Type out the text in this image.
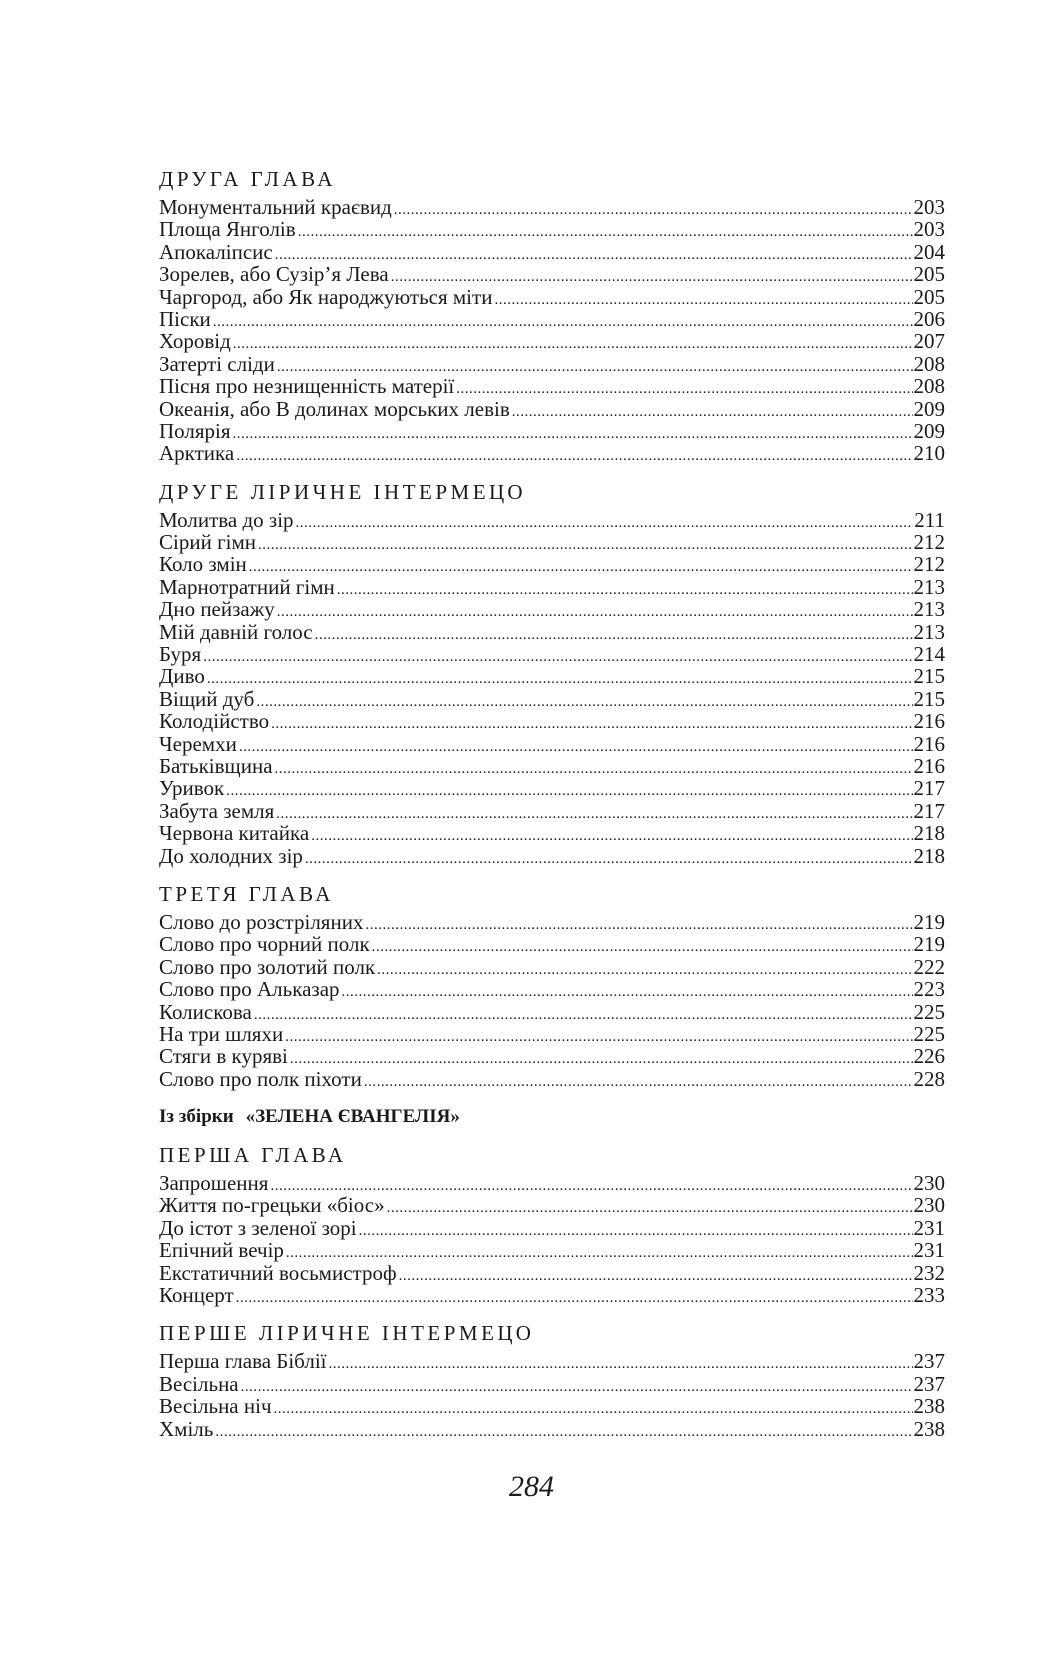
ДРУГА ГЛАВА
Монументальний краєвид .....	203
Площа Янголів .....	203
Апокаліпсис .....	204
Зорелев, або Сузір’я Лева .....	205
Чаргород, або Як народжуються міти .....	205
Піски .....	206
Хоровід .....	207
Затерті сліди .....	208
Пісня про незнищенність матерії .....	208
Океанія, або В долинах морських левів .....	209
Полярія .....	209
Арктика .....	210
ДРУГЕ ЛІРИЧНЕ ІНТЕРМЕЦО
Молитва до зір .....	211
Сірий гімн .....	212
Коло змін .....	212
Марнотратний гімн .....	213
Дно пейзажу .....	213
Мій давній голос .....	213
Буря .....	214
Диво .....	215
Віщий дуб .....	215
Колодійство .....	216
Черемхи .....	216
Батьківщина .....	216
Уривок .....	217
Забута земля .....	217
Червона китайка .....	218
До холодних зір .....	218
ТРЕТЯ ГЛАВА
Слово до розстріляних .....	219
Слово про чорний полк .....	219
Слово про золотий полк .....	222
Слово про Альказар .....	223
Колискова .....	225
На три шляхи .....	225
Стяги в куряві .....	226
Слово про полк піхоти .....	228
Із збірки «ЗЕЛЕНА ЄВАНГЕЛІЯ»
ПЕРША ГЛАВА
Запрошення .....	230
Життя по-грецьки «біос» .....	230
До істот з зеленої зорі .....	231
Епічний вечір .....	231
Екстатичний восьмистроф .....	232
Концерт .....	233
ПЕРШЕ ЛІРИЧНЕ ІНТЕРМЕЦО
Перша глава Біблії .....	237
Весільна .....	237
Весільна ніч .....	238
Хміль .....	238
284
